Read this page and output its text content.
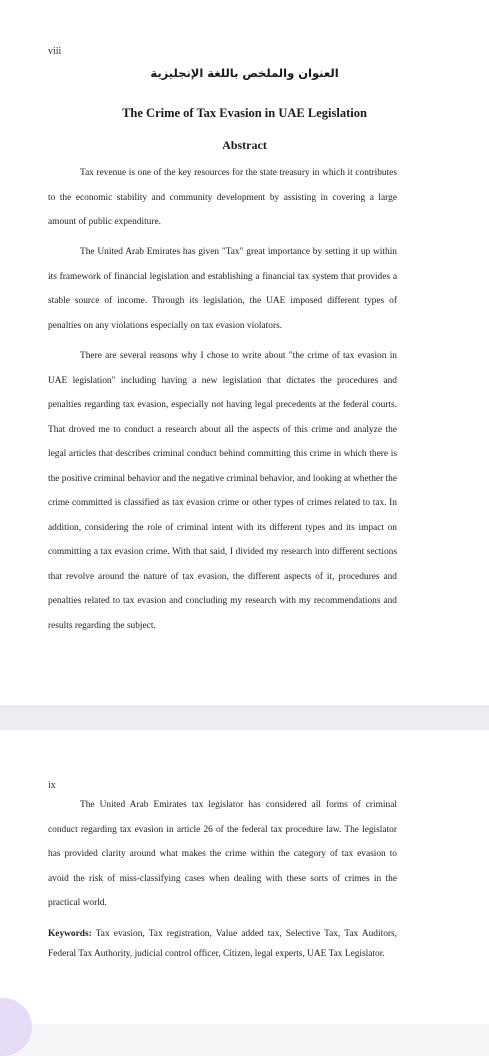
viii
العنوان والملخص باللغة الإنجليزية
The Crime of Tax Evasion in UAE Legislation
Abstract

Tax revenue is one of the key resources for the state treasury in which it contributes to the economic stability and community development by assisting in covering a large amount of public expenditure.

The United Arab Emirates has given "Tax" great importance by setting it up within its framework of financial legislation and establishing a financial tax system that provides a stable source of income. Through its legislation, the UAE imposed different types of penalties on any violations especially on tax evasion violators.

There are several reasons why I chose to write about "the crime of tax evasion in UAE legislation" including having a new legislation that dictates the procedures and penalties regarding tax evasion, especially not having legal precedents at the federal courts. That droved me to conduct a research about all the aspects of this crime and analyze the legal articles that describes criminal conduct behind committing this crime in which there is the positive criminal behavior and the negative criminal behavior, and looking at whether the crime committed is classified as tax evasion crime or other types of crimes related to tax. In addition, considering the role of criminal intent with its different types and its impact on committing a tax evasion crime. With that said, I divided my research into different sections that revolve around the nature of tax evasion, the different aspects of it, procedures and penalties related to tax evasion and concluding my research with my recommendations and results regarding the subject.

ix

The United Arab Emirates tax legislator has considered all forms of criminal conduct regarding tax evasion in article 26 of the federal tax procedure law. The legislator has provided clarity around what makes the crime within the category of tax evasion to avoid the risk of miss-classifying cases when dealing with these sorts of crimes in the practical world.

Keywords: Tax evasion, Tax registration, Value added tax, Selective Tax, Tax Auditors, Federal Tax Authority, judicial control officer, Citizen, legal experts, UAE Tax Legislator.
